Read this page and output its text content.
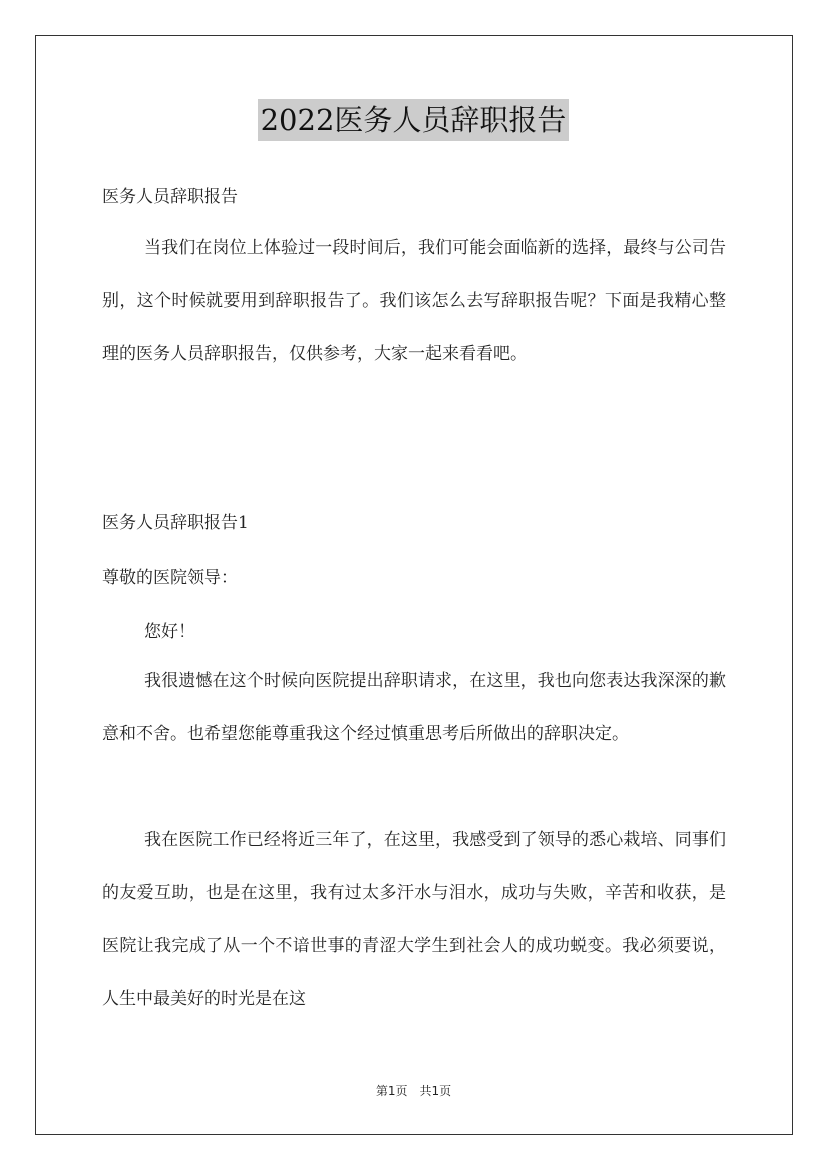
2022医务人员辞职报告
医务人员辞职报告
当我们在岗位上体验过一段时间后，我们可能会面临新的选择，最终与公司告别，这个时候就要用到辞职报告了。我们该怎么去写辞职报告呢？下面是我精心整理的医务人员辞职报告，仅供参考，大家一起来看看吧。
医务人员辞职报告1
尊敬的医院领导：
您好！
我很遗憾在这个时候向医院提出辞职请求，在这里，我也向您表达我深深的歉意和不舍。也希望您能尊重我这个经过慎重思考后所做出的辞职决定。
我在医院工作已经将近三年了，在这里，我感受到了领导的悉心栽培、同事们的友爱互助，也是在这里，我有过太多汗水与泪水，成功与失败，辛苦和收获，是医院让我完成了从一个不谙世事的青涩大学生到社会人的成功蜕变。我必须要说，人生中最美好的时光是在这
第1页　共1页
